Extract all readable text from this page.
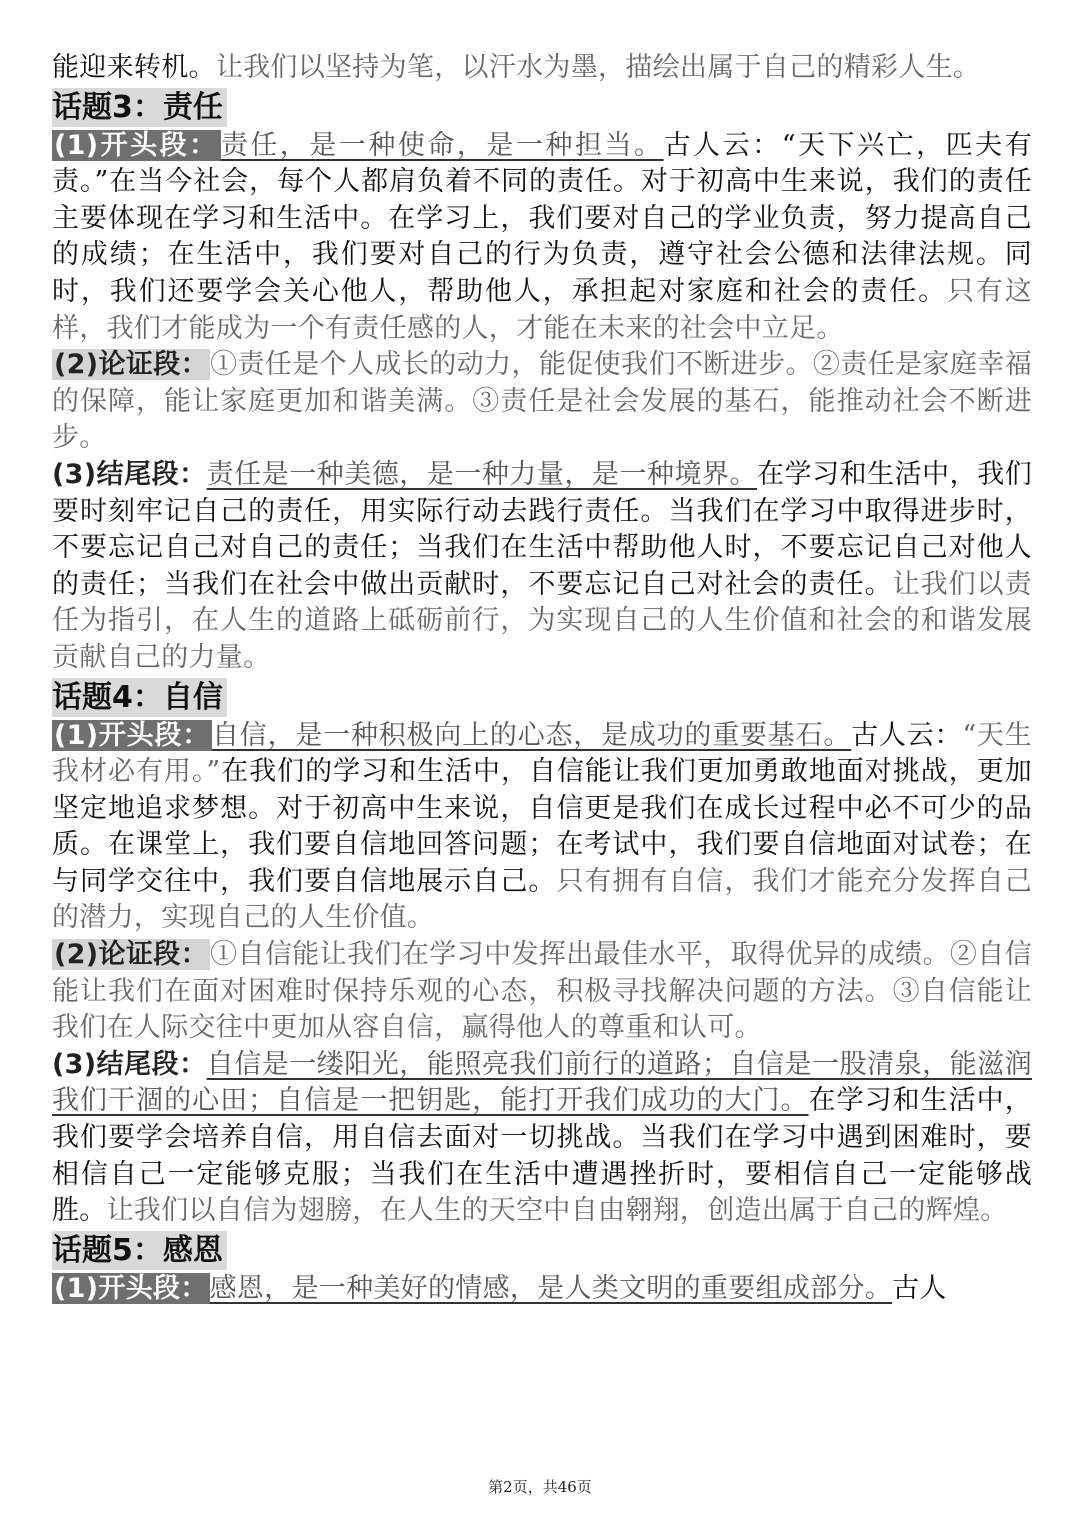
能迎来转机。让我们以坚持为笔，以汗水为墨，描绘出属于自己的精彩人生。

话题3：责任

(1)开头段：责任，是一种使命，是一种担当。古人云：“天下兴亡，匹夫有责。”在当今社会，每个人都肩负着不同的责任。对于初高中生来说，我们的责任主要体现在学习和生活中。在学习上，我们要对自己的学业负责，努力提高自己的成绩；在生活中，我们要对自己的行为负责，遵守社会公德和法律法规。同时，我们还要学会关心他人，帮助他人，承担起对家庭和社会的责任。只有这样，我们才能成为一个有责任感的人，才能在未来的社会中立足。

(2)论证段：①责任是个人成长的动力，能促使我们不断进步。②责任是家庭幸福的保障，能让家庭更加和谐美满。③责任是社会发展的基石，能推动社会不断进步。

(3)结尾段：责任是一种美德，是一种力量，是一种境界。在学习和生活中，我们要时刻牢记自己的责任，用实际行动去践行责任。当我们在学习中取得进步时，不要忘记自己对自己的责任；当我们在生活中帮助他人时，不要忘记自己对他人的责任；当我们在社会中做出贡献时，不要忘记自己对社会的责任。让我们以责任为指引，在人生的道路上砥砺前行，为实现自己的人生价值和社会的和谐发展贡献自己的力量。

话题4：自信

(1)开头段：自信，是一种积极向上的心态，是成功的重要基石。古人云：“天生我材必有用。”在我们的学习和生活中，自信能让我们更加勇敢地面对挑战，更加坚定地追求梦想。对于初高中生来说，自信更是我们在成长过程中必不可少的品质。在课堂上，我们要自信地回答问题；在考试中，我们要自信地面对试卷；在与同学交往中，我们要自信地展示自己。只有拥有自信，我们才能充分发挥自己的潜力，实现自己的人生价值。

(2)论证段：①自信能让我们在学习中发挥出最佳水平，取得优异的成绩。②自信能让我们在面对困难时保持乐观的心态，积极寻找解决问题的方法。③自信能让我们在人际交往中更加从容自信，赢得他人的尊重和认可。

(3)结尾段：自信是一缕阳光，能照亮我们前行的道路；自信是一股清泉，能滋润我们干涸的心田；自信是一把钥匙，能打开我们成功的大门。在学习和生活中，我们要学会培养自信，用自信去面对一切挑战。当我们在学习中遇到困难时，要相信自己一定能够克服；当我们在生活中遭遇挫折时，要相信自己一定能够战胜。让我们以自信为翅膀，在人生的天空中自由翱翔，创造出属于自己的辉煌。

话题5：感恩

(1)开头段：感恩，是一种美好的情感，是人类文明的重要组成部分。古人

第2页，共46页
